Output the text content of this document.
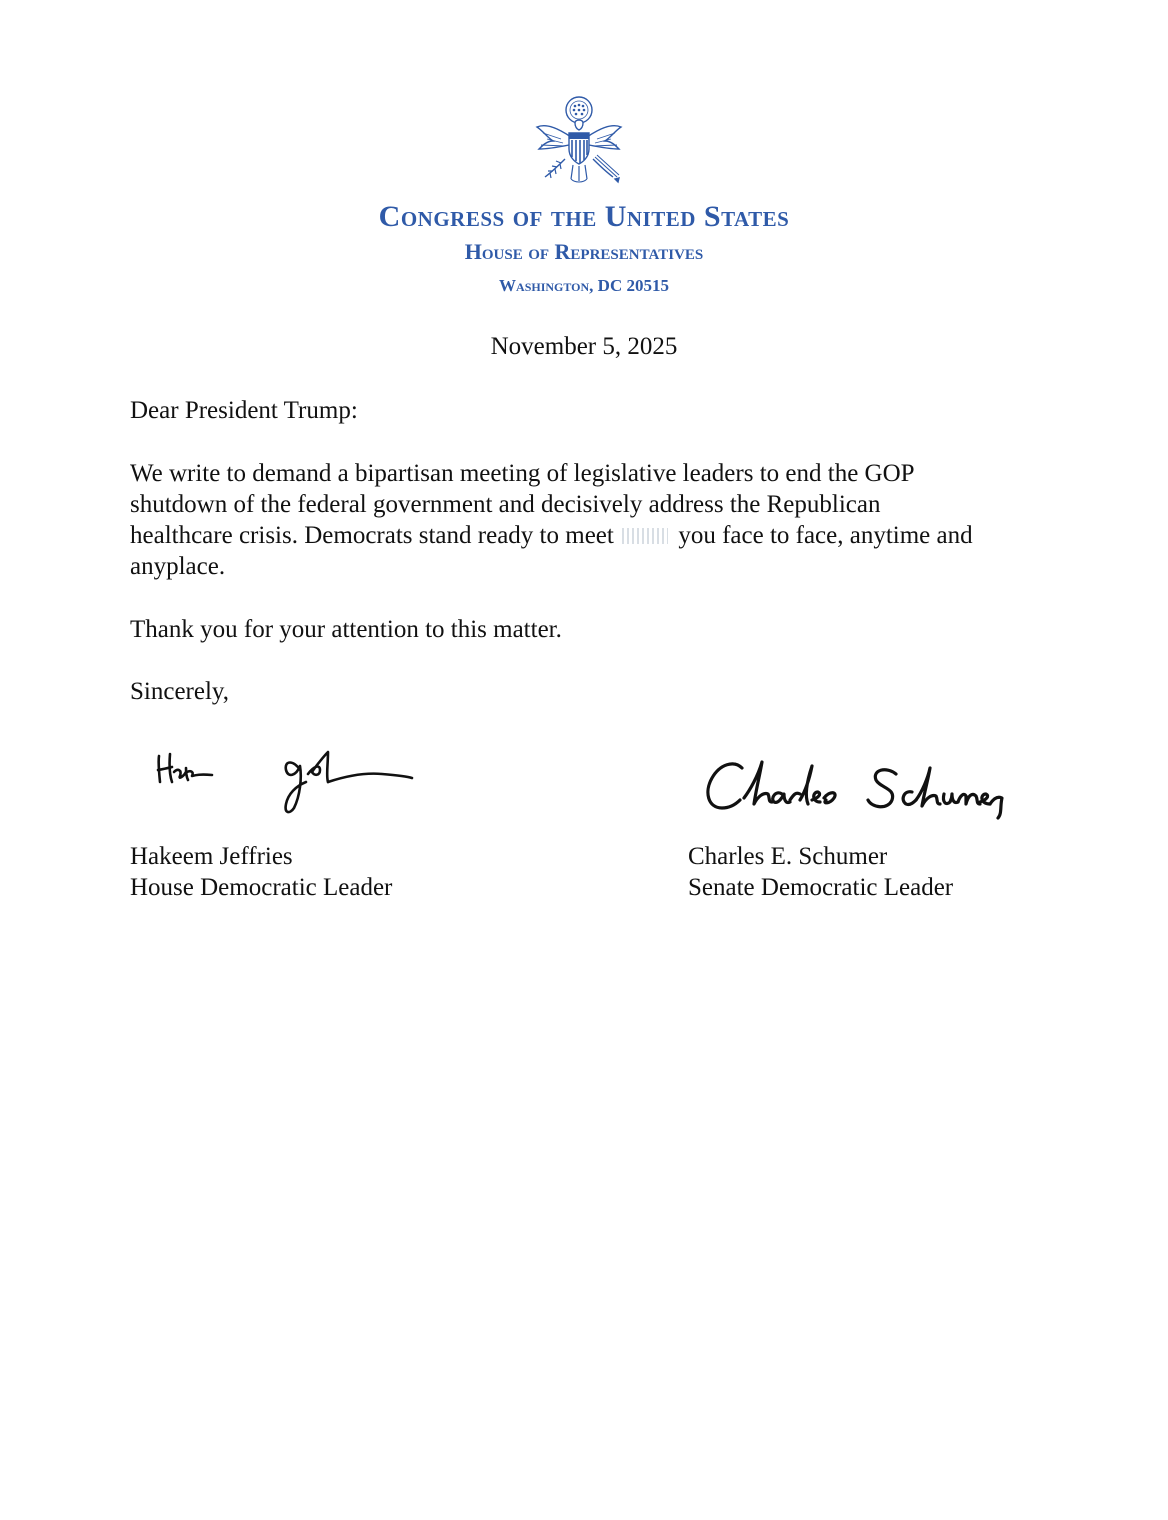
Congress of the United States
House of Representatives
Washington, DC 20515
November 5, 2025
Dear President Trump:
We write to demand a bipartisan meeting of legislative leaders to end the GOP
shutdown of the federal government and decisively address the Republican
healthcare crisis. Democrats stand ready to meet	you face to face, anytime and
anyplace.
Thank you for your attention to this matter.
Sincerely,
Hakeem Jeffries
House Democratic Leader
Charles E. Schumer
Senate Democratic Leader
